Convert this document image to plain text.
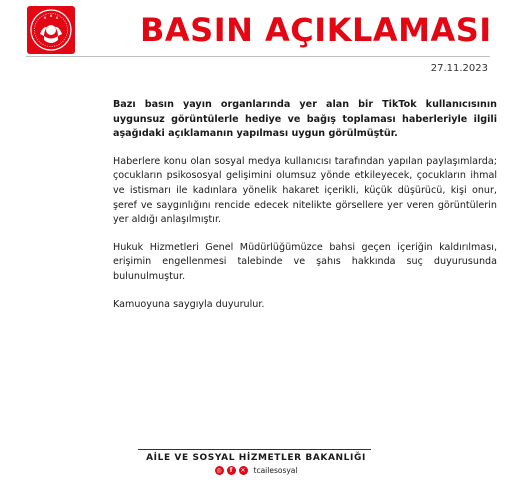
BASIN AÇIKLAMASI
27.11.2023

Bazı basın yayın organlarında yer alan bir TikTok kullanıcısının uygunsuz görüntülerle hediye ve bağış toplaması haberleriyle ilgili aşağıdaki açıklamanın yapılması uygun görülmüştür.

Haberlere konu olan sosyal medya kullanıcısı tarafından yapılan paylaşımlarda; çocukların psikososyal gelişimini olumsuz yönde etkileyecek, çocukların ihmal ve istismarı ile kadınlara yönelik hakaret içerikli, küçük düşürücü, kişi onur, şeref ve saygınlığını rencide edecek nitelikte görsellere yer veren görüntülerin yer aldığı anlaşılmıştır.

Hukuk Hizmetleri Genel Müdürlüğümüzce bahsi geçen içeriğin kaldırılması, erişimin engellenmesi talebinde ve şahıs hakkında suç duyurusunda bulunulmuştur.

Kamuoyuna saygıyla duyurulur.

AİLE VE SOSYAL HİZMETLER BAKANLIĞI
◎	f	✕ tcailesosyal
